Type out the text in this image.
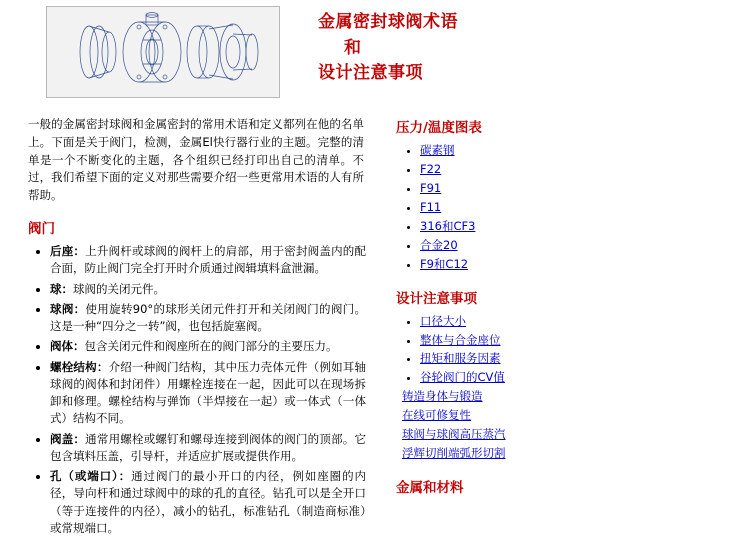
金属密封球阀术语
和
设计注意事项

一般的金属密封球阀和金属密封的常用术语和定义都列在他的名单上。下面是关于阀门，检测，金属El快行器行业的主题。完整的清单是一个不断变化的主题，各个组织已经打印出自己的清单。不过，我们希望下面的定义对那些需要介绍一些更常用术语的人有所帮助。

阀门
• 后座：上升阀杆或球阀的阀杆上的肩部，用于密封阀盖内的配合面，防止阀门完全打开时介质通过阀辑填料盒泄漏。
• 球：球阀的关闭元件。
• 球阀：使用旋转90°的球形关闭元件打开和关闭阀门的阀门。这是一种“四分之一转”阀，也包括旋塞阀。
• 阀体：包含关闭元件和阀座所在的阀门部分的主要压力。
• 螺栓结构：介绍一种阀门结构，其中压力壳体元件（例如耳轴球阀的阀体和封闭件）用螺栓连接在一起，因此可以在现场拆卸和修理。螺栓结构与弹饰（半焊接在一起）或一体式（一体式）结构不同。
• 阀盖：通常用螺栓或螺钉和螺母连接到阀体的阀门的顶部。它包含填料压盖，引导杆，并适应扩展或提供作用。
• 孔（或端口）：通过阀门的最小开口的内径，例如座圈的内径，导向杆和通过球阀中的球的孔的直径。钻孔可以是全开口（等于连接件的内径），减小的钻孔，标准钻孔（制造商标准）或常规端口。
压力/温度图表
• 碳素钢
• F22
• F91
• F11
• 316和CF3
• 合金20
• F9和C12
设计注意事项
• 口径大小
• 整体与合金座位
• 扭矩和服务因素
• 谷轮阀门的CV值
铸造身体与锻造
在线可修复性
球阀与球阀高压蒸汽
浮辉切削端弧形切割
金属和材料
